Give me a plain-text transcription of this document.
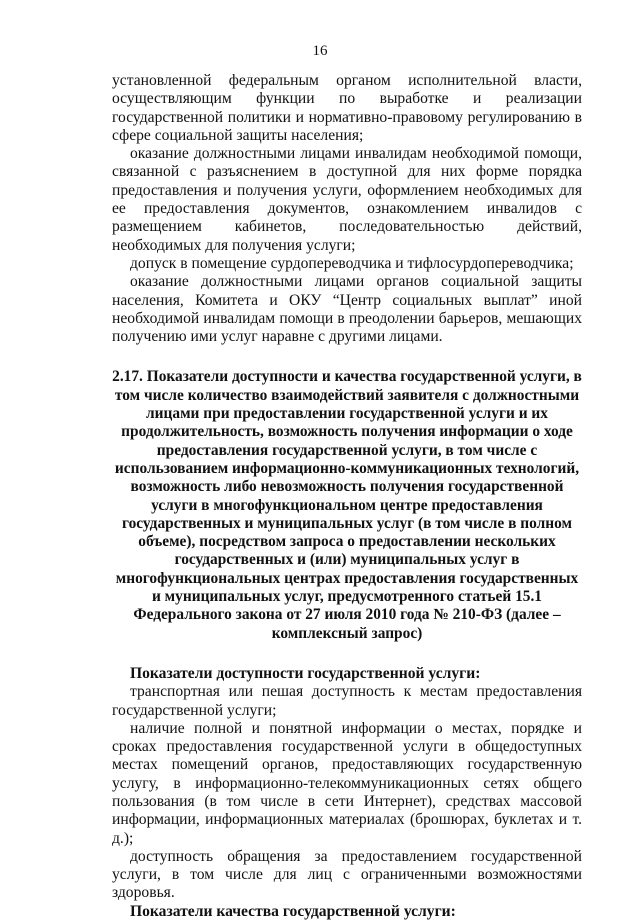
16

установленной федеральным органом исполнительной власти, осуществляющим функции по выработке и реализации государственной политики и нормативно-правовому регулированию в сфере социальной защиты населения;

оказание должностными лицами инвалидам необходимой помощи, связанной с разъяснением в доступной для них форме порядка предоставления и получения услуги, оформлением необходимых для ее предоставления документов, ознакомлением инвалидов с размещением кабинетов, последовательностью действий, необходимых для получения услуги;

допуск в помещение сурдопереводчика и тифлосурдопереводчика;

оказание должностными лицами органов социальной защиты населения, Комитета и ОКУ “Центр социальных выплат” иной необходимой инвалидам помощи в преодолении барьеров, мешающих получению ими услуг наравне с другими лицами.

2.17. Показатели доступности и качества государственной услуги, в том числе количество взаимодействий заявителя с должностными лицами при предоставлении государственной услуги и их продолжительность, возможность получения информации о ходе предоставления государственной услуги, в том числе с использованием информационно-коммуникационных технологий, возможность либо невозможность получения государственной услуги в многофункциональном центре предоставления государственных и муниципальных услуг (в том числе в полном объеме), посредством запроса о предоставлении нескольких государственных и (или) муниципальных услуг в многофункциональных центрах предоставления государственных и муниципальных услуг, предусмотренного статьей 15.1 Федерального закона от 27 июля 2010 года № 210-ФЗ (далее – комплексный запрос)

Показатели доступности государственной услуги:

транспортная или пешая доступность к местам предоставления государственной услуги;

наличие полной и понятной информации о местах, порядке и сроках предоставления государственной услуги в общедоступных местах помещений органов, предоставляющих государственную услугу, в информационно-телекоммуникационных сетях общего пользования (в том числе в сети Интернет), средствах массовой информации, информационных материалах (брошюрах, буклетах и т. д.);

доступность обращения за предоставлением государственной услуги, в том числе для лиц с ограниченными возможностями здоровья.

Показатели качества государственной услуги:
